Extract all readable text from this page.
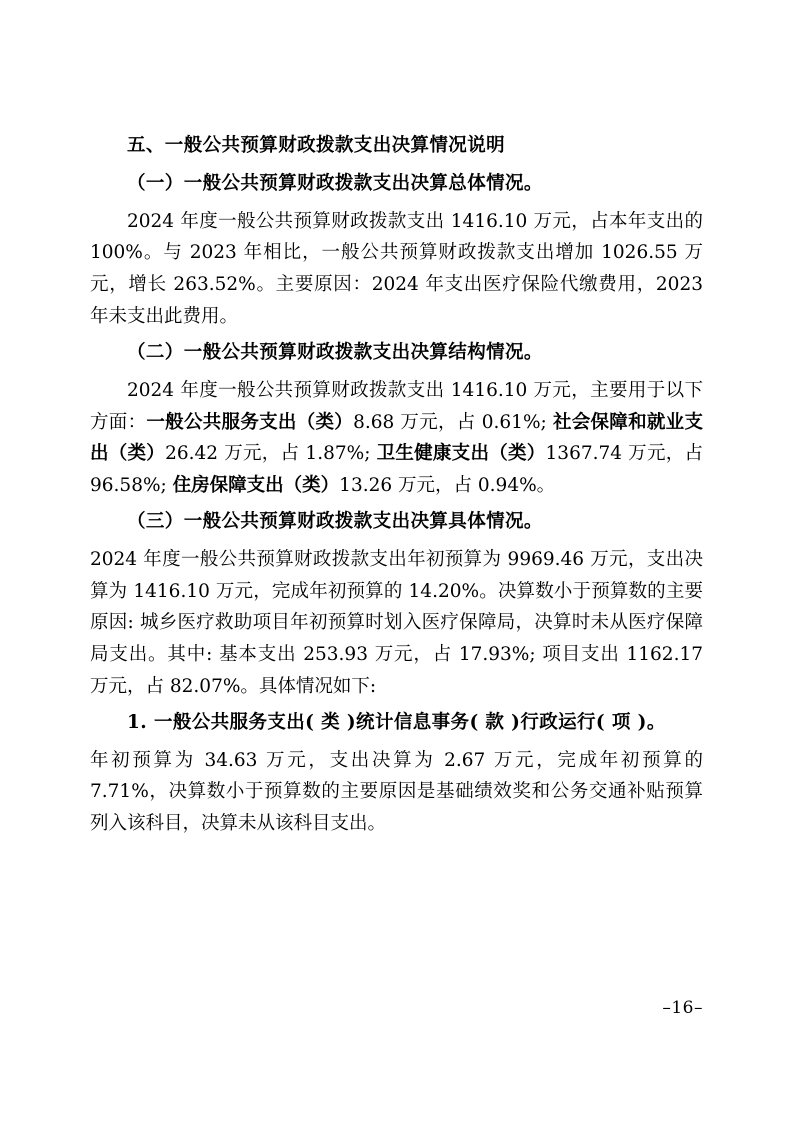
五、一般公共预算财政拨款支出决算情况说明

（一）一般公共预算财政拨款支出决算总体情况。

2024 年度一般公共预算财政拨款支出 1416.10 万元，占本年支出的 100%。与 2023 年相比，一般公共预算财政拨款支出增加 1026.55 万元，增长 263.52%。主要原因：2024 年支出医疗保险代缴费用，2023 年未支出此费用。

（二）一般公共预算财政拨款支出决算结构情况。

2024 年度一般公共预算财政拨款支出 1416.10 万元，主要用于以下方面：一般公共服务支出（类）8.68 万元，占 0.61%; 社会保障和就业支出（类）26.42 万元，占 1.87%; 卫生健康支出（类）1367.74 万元，占 96.58%; 住房保障支出（类）13.26 万元，占 0.94%。

（三）一般公共预算财政拨款支出决算具体情况。

2024 年度一般公共预算财政拨款支出年初预算为 9969.46 万元，支出决算为 1416.10 万元，完成年初预算的 14.20%。决算数小于预算数的主要原因: 城乡医疗救助项目年初预算时划入医疗保障局，决算时未从医疗保障局支出。其中: 基本支出 253.93 万元，占 17.93%; 项目支出 1162.17 万元，占 82.07%。具体情况如下:

1. 一般公共服务支出( 类 )统计信息事务( 款 )行政运行( 项 )。

年初预算为 34.63 万元，支出决算为 2.67 万元，完成年初预算的 7.71%，决算数小于预算数的主要原因是基础绩效奖和公务交通补贴预算列入该科目，决算未从该科目支出。

–16–
